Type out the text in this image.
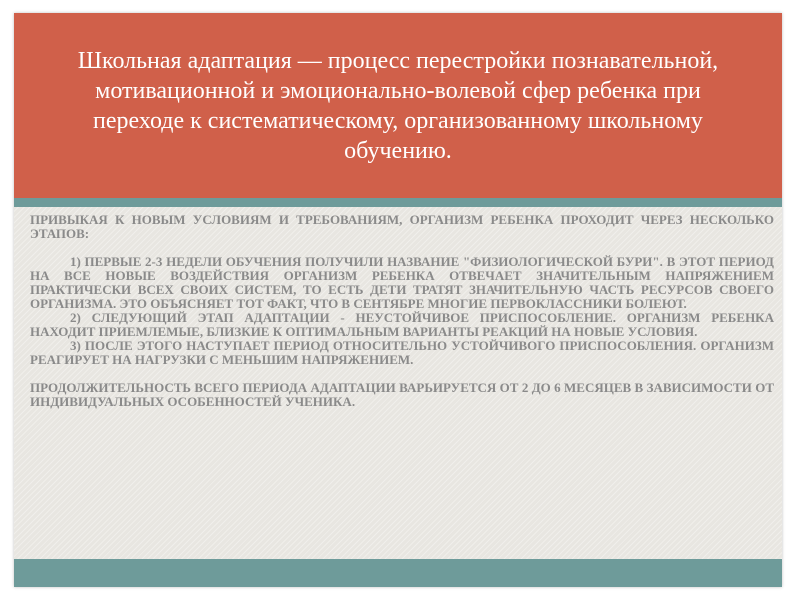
Школьная адаптация — процесс перестройки познавательной, мотивационной и эмоционально-волевой сфер ребенка при переходе к систематическому, организованному школьному обучению.

ПРИВЫКАЯ К НОВЫМ УСЛОВИЯМ И ТРЕБОВАНИЯМ, ОРГАНИЗМ РЕБЕНКА ПРОХОДИТ ЧЕРЕЗ НЕСКОЛЬКО ЭТАПОВ:

1) ПЕРВЫЕ 2-3 НЕДЕЛИ ОБУЧЕНИЯ ПОЛУЧИЛИ НАЗВАНИЕ "ФИЗИОЛОГИЧЕСКОЙ БУРИ". В ЭТОТ ПЕРИОД НА ВСЕ НОВЫЕ ВОЗДЕЙСТВИЯ ОРГАНИЗМ РЕБЕНКА ОТВЕЧАЕТ ЗНАЧИТЕЛЬНЫМ НАПРЯЖЕНИЕМ ПРАКТИЧЕСКИ ВСЕХ СВОИХ СИСТЕМ, ТО ЕСТЬ ДЕТИ ТРАТЯТ ЗНАЧИТЕЛЬНУЮ ЧАСТЬ РЕСУРСОВ СВОЕГО ОРГАНИЗМА. ЭТО ОБЪЯСНЯЕТ ТОТ ФАКТ, ЧТО В СЕНТЯБРЕ МНОГИЕ ПЕРВОКЛАССНИКИ БОЛЕЮТ.

2) СЛЕДУЮЩИЙ ЭТАП АДАПТАЦИИ - НЕУСТОЙЧИВОЕ ПРИСПОСОБЛЕНИЕ. ОРГАНИЗМ РЕБЕНКА НАХОДИТ ПРИЕМЛЕМЫЕ, БЛИЗКИЕ К ОПТИМАЛЬНЫМ ВАРИАНТЫ РЕАКЦИЙ НА НОВЫЕ УСЛОВИЯ.

3) ПОСЛЕ ЭТОГО НАСТУПАЕТ ПЕРИОД ОТНОСИТЕЛЬНО УСТОЙЧИВОГО ПРИСПОСОБЛЕНИЯ. ОРГАНИЗМ РЕАГИРУЕТ НА НАГРУЗКИ С МЕНЬШИМ НАПРЯЖЕНИЕМ.

ПРОДОЛЖИТЕЛЬНОСТЬ ВСЕГО ПЕРИОДА АДАПТАЦИИ ВАРЬИРУЕТСЯ ОТ 2 ДО 6 МЕСЯЦЕВ В ЗАВИСИМОСТИ ОТ ИНДИВИДУАЛЬНЫХ ОСОБЕННОСТЕЙ УЧЕНИКА.
